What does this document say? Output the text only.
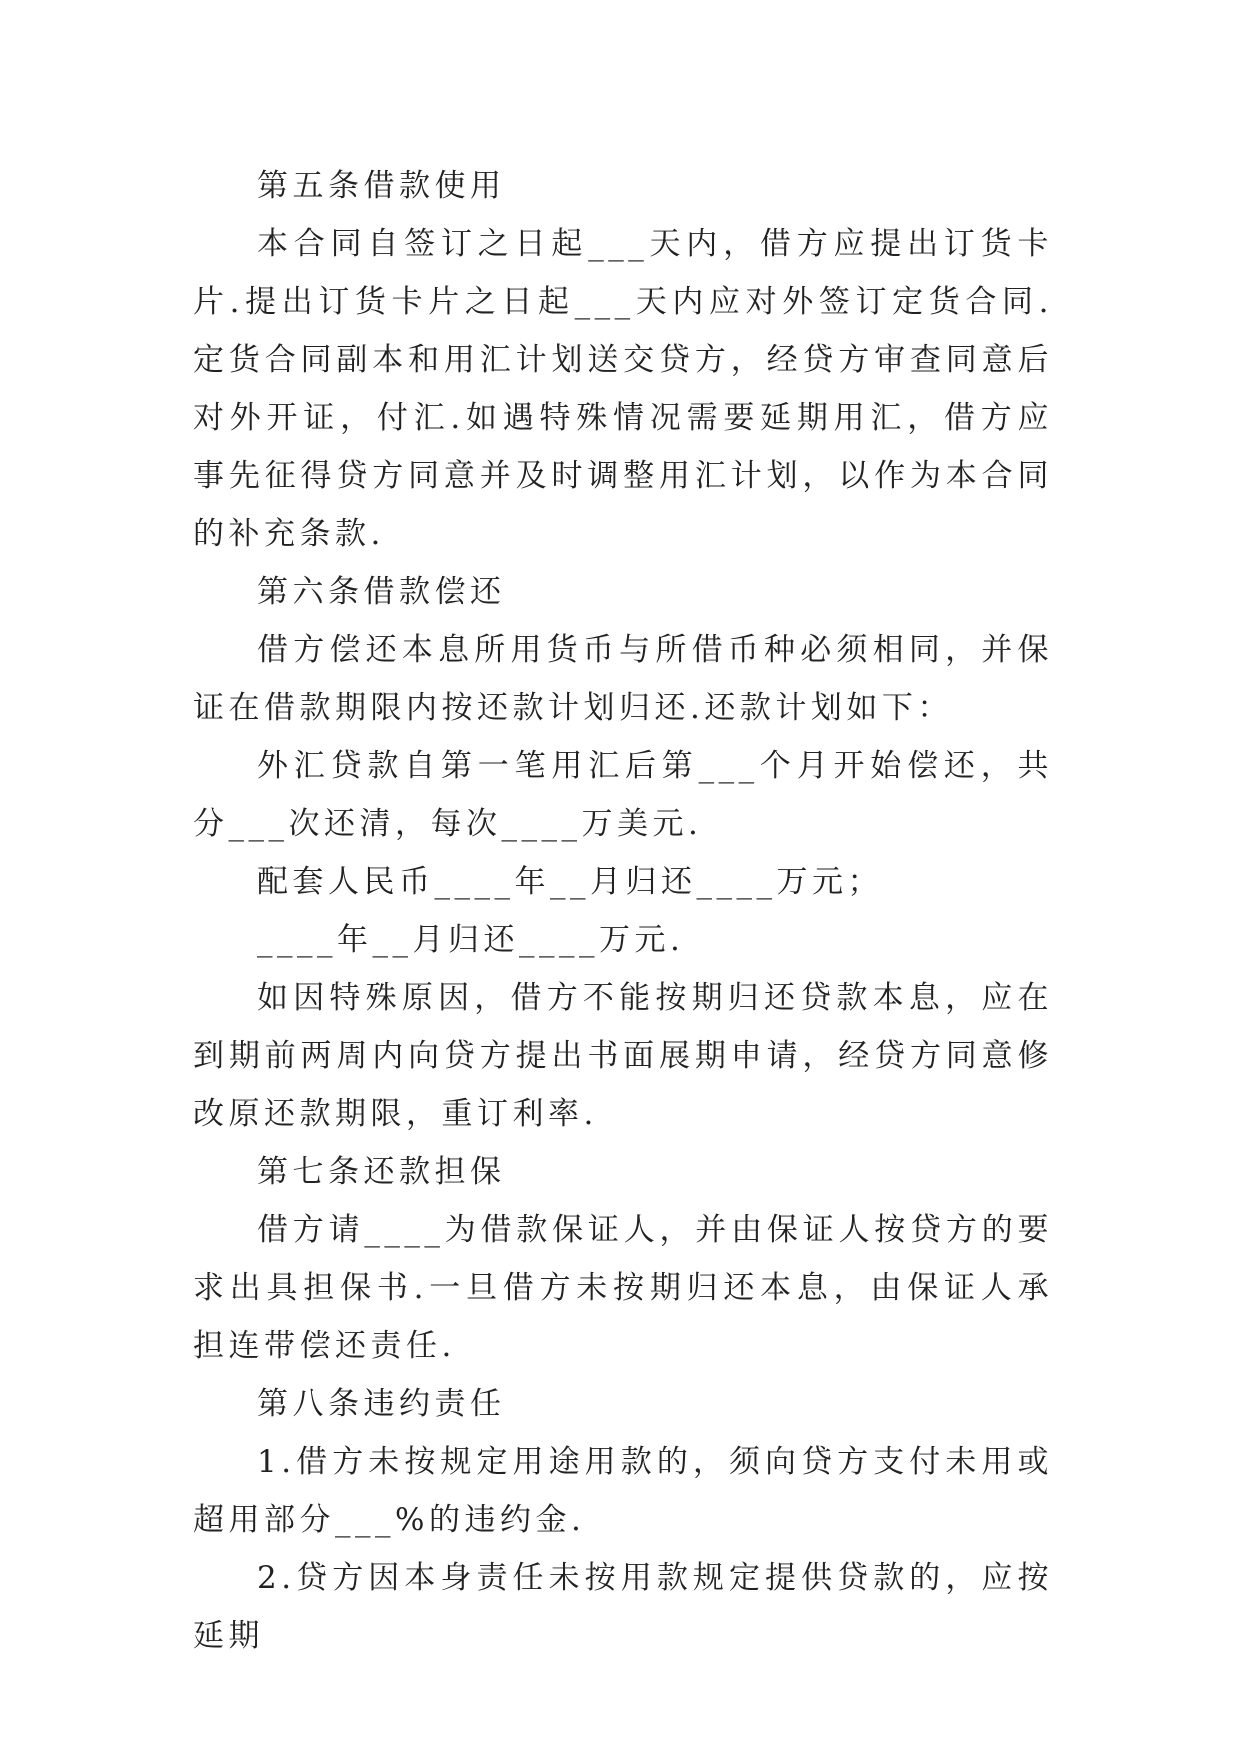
第五条借款使用

本合同自签订之日起___天内，借方应提出订货卡片.提出订货卡片之日起___天内应对外签订定货合同.定货合同副本和用汇计划送交贷方，经贷方审查同意后对外开证，付汇.如遇特殊情况需要延期用汇，借方应事先征得贷方同意并及时调整用汇计划，以作为本合同的补充条款.

第六条借款偿还

借方偿还本息所用货币与所借币种必须相同，并保证在借款期限内按还款计划归还.还款计划如下：

外汇贷款自第一笔用汇后第___个月开始偿还，共分___次还清，每次____万美元.

配套人民币____年__月归还____万元；

____年__月归还____万元.

如因特殊原因，借方不能按期归还贷款本息，应在到期前两周内向贷方提出书面展期申请，经贷方同意修改原还款期限，重订利率.

第七条还款担保

借方请____为借款保证人，并由保证人按贷方的要求出具担保书.一旦借方未按期归还本息，由保证人承担连带偿还责任.

第八条违约责任

1.借方未按规定用途用款的，须向贷方支付未用或超用部分___%的违约金.

2.贷方因本身责任未按用款规定提供贷款的，应按延期
